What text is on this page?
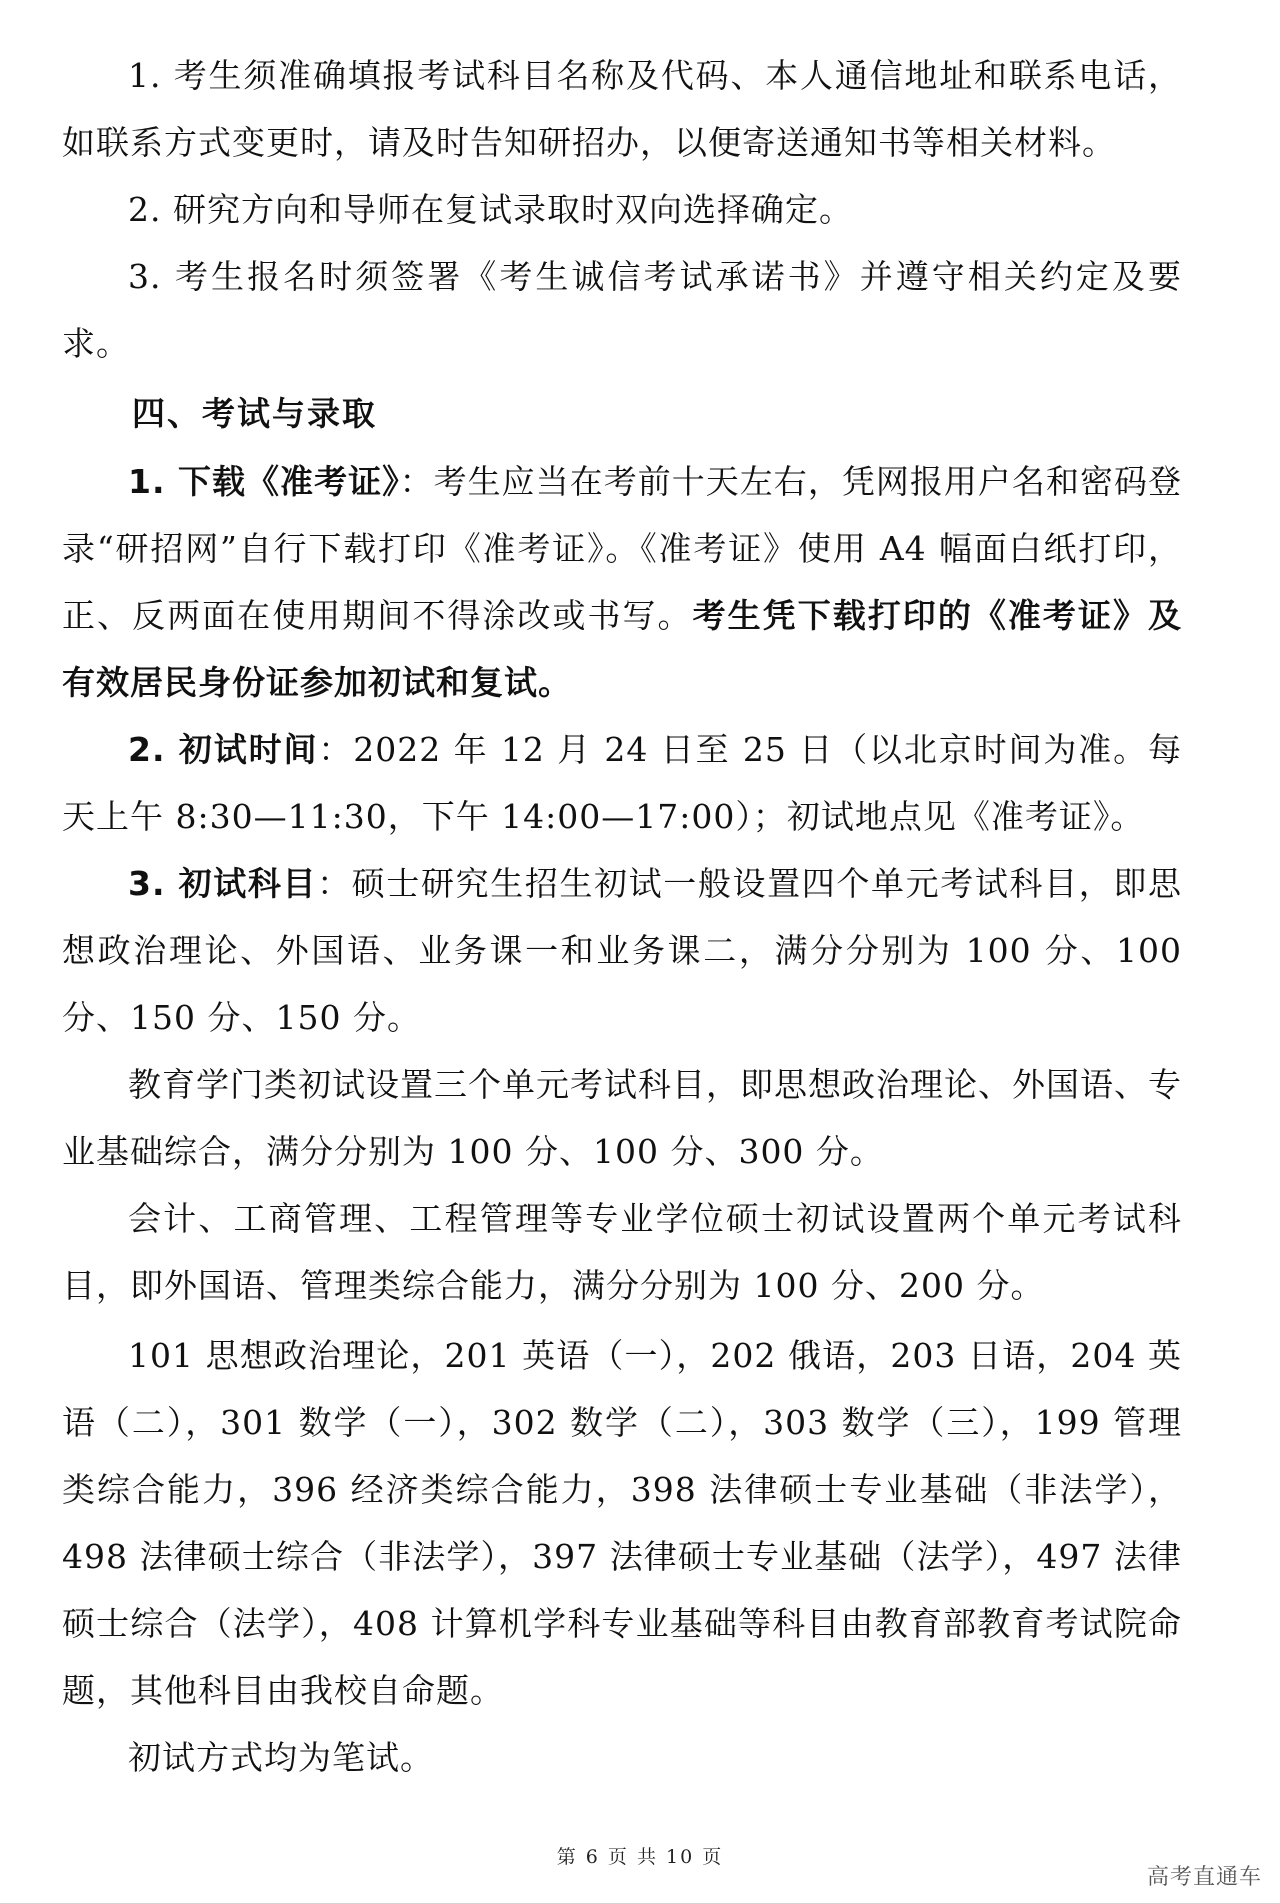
1. 考生须准确填报考试科目名称及代码、本人通信地址和联系电话，如联系方式变更时，请及时告知研招办，以便寄送通知书等相关材料。

2. 研究方向和导师在复试录取时双向选择确定。

3. 考生报名时须签署《考生诚信考试承诺书》并遵守相关约定及要求。

四、考试与录取

1. 下载《准考证》：考生应当在考前十天左右，凭网报用户名和密码登录“研招网”自行下载打印《准考证》。《准考证》使用 A4 幅面白纸打印，正、反两面在使用期间不得涂改或书写。考生凭下载打印的《准考证》及有效居民身份证参加初试和复试。

2. 初试时间：2022 年 12 月 24 日至 25 日（以北京时间为准。每天上午 8:30—11:30，下午 14:00—17:00）；初试地点见《准考证》。

3. 初试科目：硕士研究生招生初试一般设置四个单元考试科目，即思想政治理论、外国语、业务课一和业务课二，满分分别为 100 分、100 分、150 分、150 分。

教育学门类初试设置三个单元考试科目，即思想政治理论、外国语、专业基础综合，满分分别为 100 分、100 分、300 分。

会计、工商管理、工程管理等专业学位硕士初试设置两个单元考试科目，即外国语、管理类综合能力，满分分别为 100 分、200 分。

101 思想政治理论，201 英语（一），202 俄语，203 日语，204 英语（二），301 数学（一），302 数学（二），303 数学（三），199 管理类综合能力，396 经济类综合能力，398 法律硕士专业基础（非法学），498 法律硕士综合（非法学），397 法律硕士专业基础（法学），497 法律硕士综合（法学），408 计算机学科专业基础等科目由教育部教育考试院命题，其他科目由我校自命题。

初试方式均为笔试。

第 6 页 共 10 页
高考直通车
